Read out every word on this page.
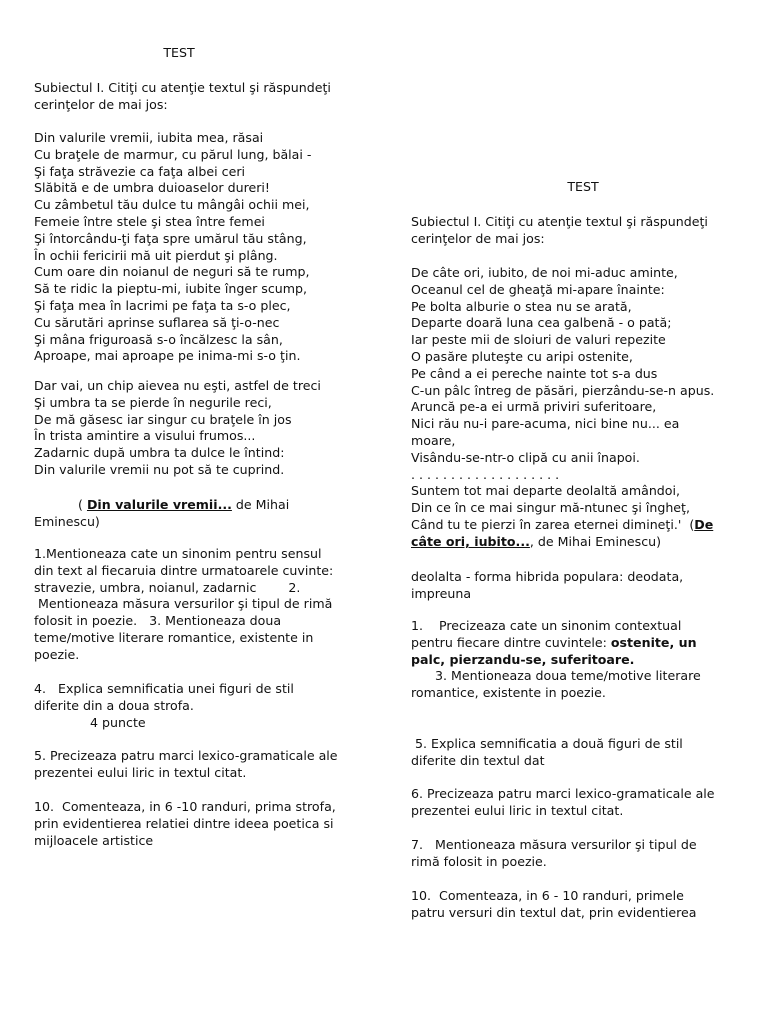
TEST

Subiectul I. Citiţi cu atenţie textul şi răspundeţi
cerinţelor de mai jos:
Din valurile vremii, iubita mea, răsai
Cu braţele de marmur, cu părul lung, bălai -
Şi faţa străvezie ca faţa albei ceri
Slăbită e de umbra duioaselor dureri!
Cu zâmbetul tău dulce tu mângâi ochii mei,
Femeie între stele şi stea între femei
Şi întorcându-ţi faţa spre umărul tău stâng,
În ochii fericirii mă uit pierdut şi plâng.
Cum oare din noianul de neguri să te rump,
Să te ridic la pieptu-mi, iubite înger scump,
Şi faţa mea în lacrimi pe faţa ta s-o plec,
Cu sărutări aprinse suflarea să ţi-o-nec
Şi mâna friguroasă s-o încălzesc la sân,
Aproape, mai aproape pe inima-mi s-o ţin.
Dar vai, un chip aievea nu eşti, astfel de treci
Şi umbra ta se pierde în negurile reci,
De mă găsesc iar singur cu braţele în jos
În trista amintire a visului frumos...
Zadarnic după umbra ta dulce le întind:
Din valurile vremii nu pot să te cuprind.
( Din valurile vremii... de Mihai
Eminescu)
1.Mentioneaza cate un sinonim pentru sensul
din text al fiecaruia dintre urmatoarele cuvinte:
stravezie, umbra, noianul, zadarnic        2.
Mentioneaza măsura versurilor şi tipul de rimă
folosit in poezie.   3. Mentioneaza doua
teme/motive literare romantice, existente in
poezie.
4.   Explica semnificatia unei figuri de stil
diferite din a doua strofa.
4 puncte
5. Precizeaza patru marci lexico-gramaticale ale
prezentei eului liric in textul citat.
10.  Comenteaza, in 6 -10 randuri, prima strofa,
prin evidentierea relatiei dintre ideea poetica si
mijloacele artistice

TEST

Subiectul I. Citiţi cu atenţie textul şi răspundeţi
cerinţelor de mai jos:
De câte ori, iubito, de noi mi-aduc aminte,
Oceanul cel de gheaţă mi-apare înainte:
Pe bolta alburie o stea nu se arată,
Departe doară luna cea galbenă - o pată;
Iar peste mii de sloiuri de valuri repezite
O pasăre pluteşte cu aripi ostenite,
Pe când a ei pereche nainte tot s-a dus
C-un pâlc întreg de păsări, pierzându-se-n apus.
Aruncă pe-a ei urmă priviri suferitoare,
Nici rău nu-i pare-acuma, nici bine nu... ea
moare,
Visându-se-ntr-o clipă cu anii înapoi.
. . . . . . . . . . . . . . . . . . .
Suntem tot mai departe deolaltă amândoi,
Din ce în ce mai singur mă-ntunec şi îngheţ,
Când tu te pierzi în zarea eternei dimineţi.'  (De
câte ori, iubito..., de Mihai Eminescu)
deolalta - forma hibrida populara: deodata,
impreuna
1.    Precizeaza cate un sinonim contextual
pentru fiecare dintre cuvintele: ostenite, un
palc, pierzandu-se, suferitoare.
3. Mentioneaza doua teme/motive literare
romantice, existente in poezie.
5. Explica semnificatia a două figuri de stil
diferite din textul dat
6. Precizeaza patru marci lexico-gramaticale ale
prezentei eului liric in textul citat.
7.   Mentioneaza măsura versurilor şi tipul de
rimă folosit in poezie.
10.  Comenteaza, in 6 - 10 randuri, primele
patru versuri din textul dat, prin evidentierea
